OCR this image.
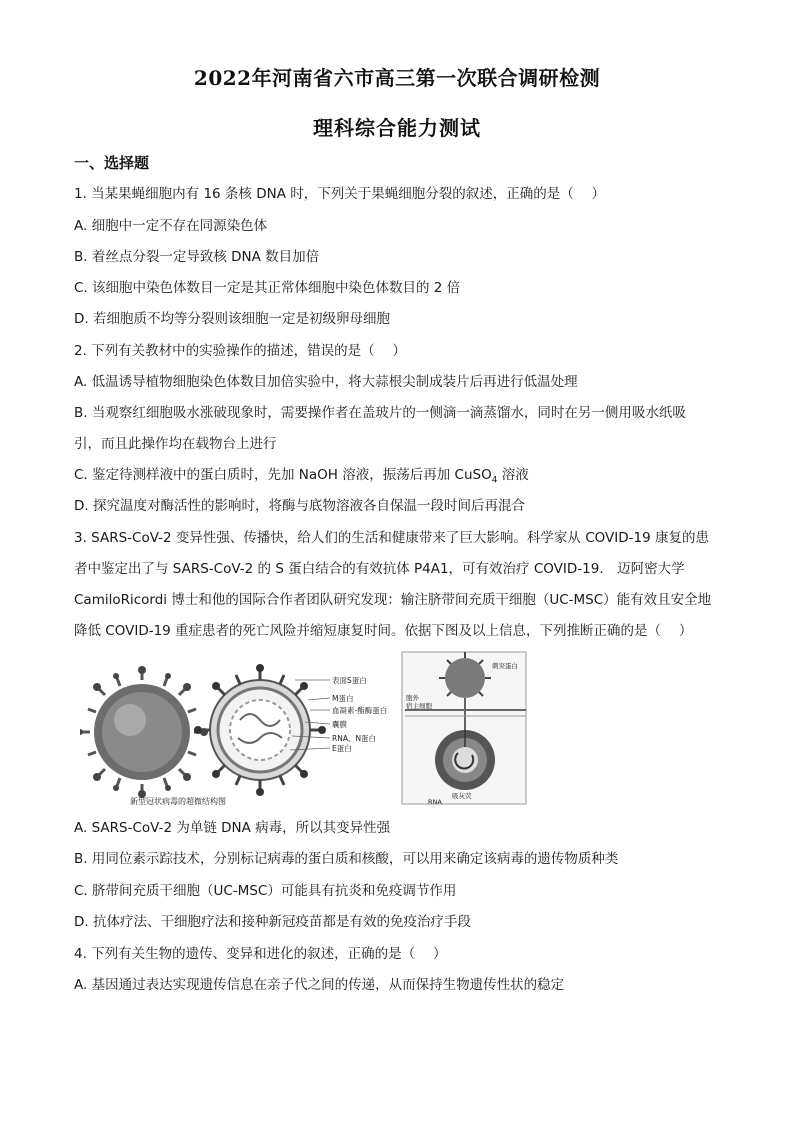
2022年河南省六市高三第一次联合调研检测
理科综合能力测试
一、选择题
1. 当某果蝇细胞内有 16 条核 DNA 时，下列关于果蝇细胞分裂的叙述，正确的是（　 ）
A. 细胞中一定不存在同源染色体
B. 着丝点分裂一定导致核 DNA 数目加倍
C. 该细胞中染色体数目一定是其正常体细胞中染色体数目的 2 倍
D. 若细胞质不均等分裂则该细胞一定是初级卵母细胞
2. 下列有关教材中的实验操作的描述，错误的是（　 ）
A. 低温诱导植物细胞染色体数目加倍实验中，将大蒜根尖制成装片后再进行低温处理
B. 当观察红细胞吸水涨破现象时，需要操作者在盖玻片的一侧滴一滴蒸馏水，同时在另一侧用吸水纸吸
引，而且此操作均在载物台上进行
C. 鉴定待测样液中的蛋白质时，先加 NaOH 溶液，振荡后再加 CuSO$_4$ 溶液
D. 探究温度对酶活性的影响时，将酶与底物溶液各自保温一段时间后再混合
3. SARS-CoV-2 变异性强、传播快，给人们的生活和健康带来了巨大影响。科学家从 COVID-19 康复的患
者中鉴定出了与 SARS-CoV-2 的 S 蛋白结合的有效抗体 P4A1，可有效治疗 COVID-19． 迈阿密大学
CamiloRicordi 博士和他的国际合作者团队研究发现：输注脐带间充质干细胞（UC-MSC）能有效且安全地
降低 COVID-19 重症患者的死亡风险并缩短康复时间。依据下图及以上信息，下列推断正确的是（　 ）
表面S蛋白
M蛋白
血凝素-酯酶蛋白
囊膜
RNA、N蛋白
E蛋白
新型冠状病毒的超微结构图
刺突蛋白
胞外
宿主细胞
吸灰荧
RNA
A. SARS-CoV-2 为单链 DNA 病毒，所以其变异性强
B. 用同位素示踪技术，分别标记病毒的蛋白质和核酸，可以用来确定该病毒的遗传物质种类
C. 脐带间充质干细胞（UC-MSC）可能具有抗炎和免疫调节作用
D. 抗体疗法、干细胞疗法和接种新冠疫苗都是有效的免疫治疗手段
4. 下列有关生物的遗传、变异和进化的叙述，正确的是（　 ）
A. 基因通过表达实现遗传信息在亲子代之间的传递，从而保持生物遗传性状的稳定
